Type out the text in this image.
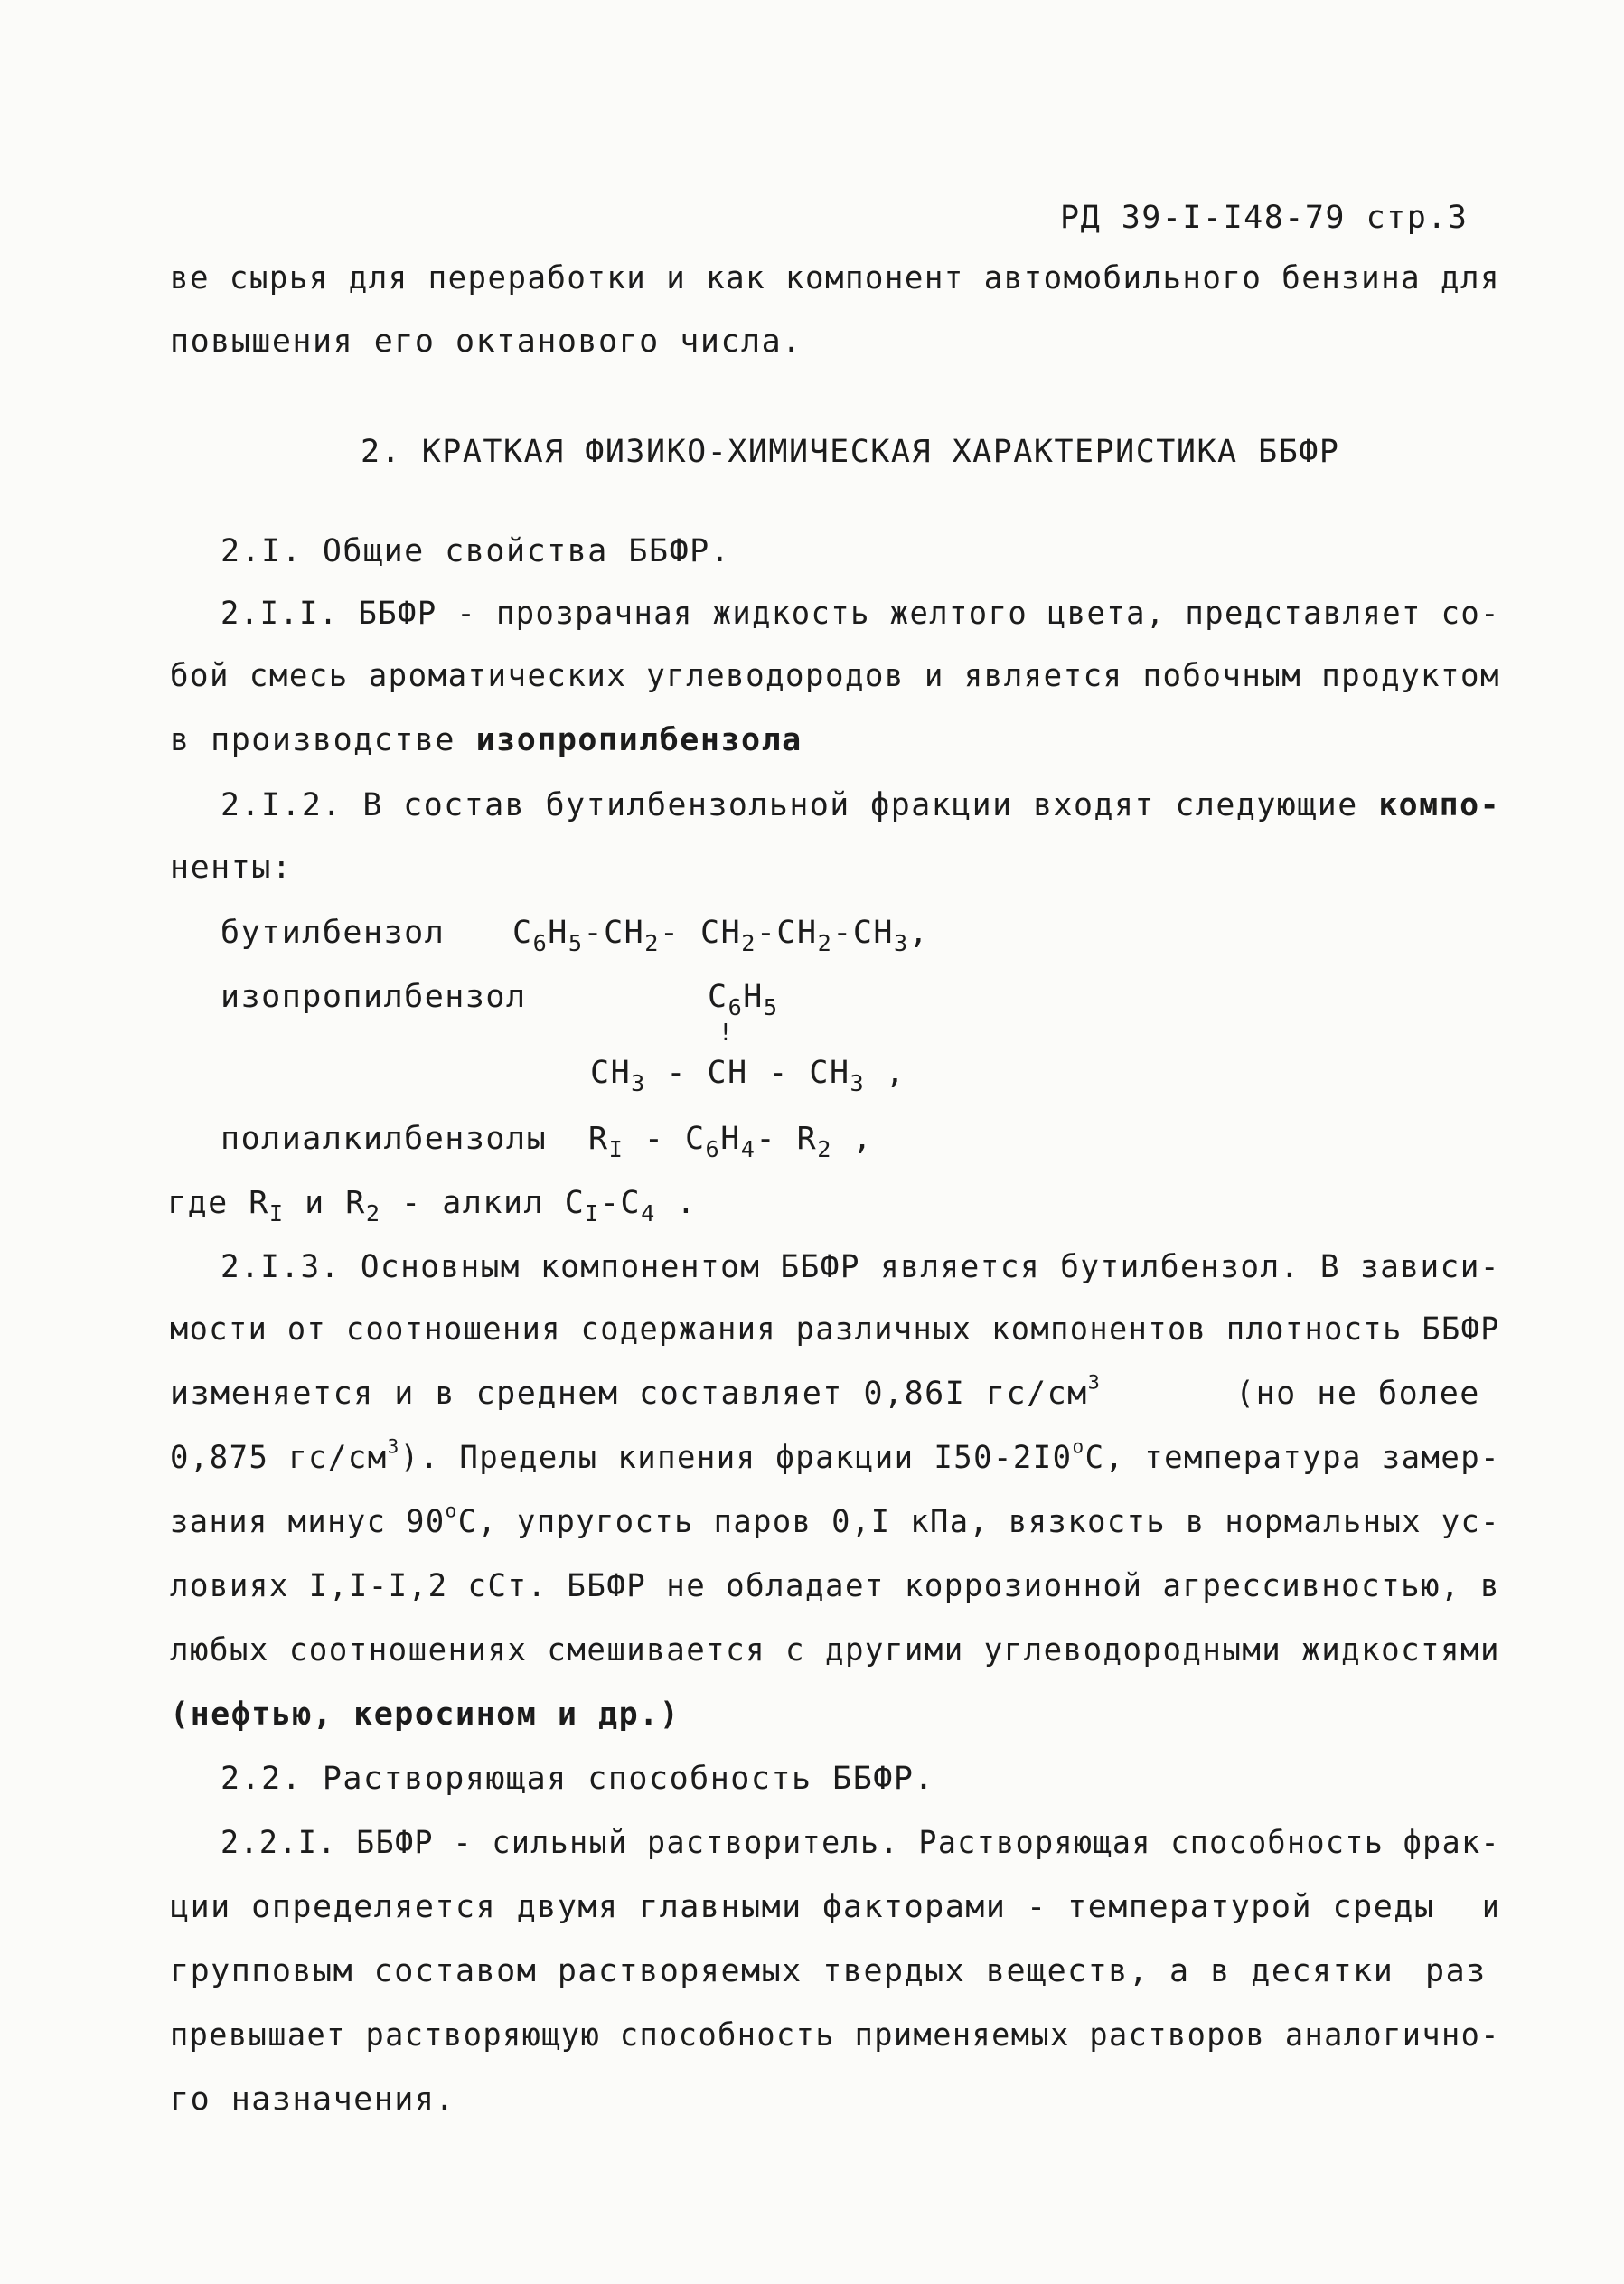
РД 39-I-I48-79 стр.3
ве сырья для переработки и как компонент автомобильного бензина для
повышения его октанового числа.
2. КРАТКАЯ ФИЗИКО-ХИМИЧЕСКАЯ ХАРАКТЕРИСТИКА ББФР
2.I. Общие свойства ББФР.
2.I.I. ББФР - прозрачная жидкость желтого цвета, представляет со-
бой смесь ароматических углеводородов и является побочным продуктом
в производстве изопропилбензола
2.I.2. В состав бутилбензольной фракции входят следующие компо-
ненты:
бутилбензол $C_6H_5-CH_2-$ $CH_2-CH_2-CH_3$,
изопропилбензол	$C_6H_5$
!
$CH_3$ - CH - $CH_3$ ,
полиалкилбензолы $R_I - C_6H_4-$ $R_2$ ,
где $R_I$ и $R_2$ - алкил $C_I-C_4$ .
2.I.3. Основным компонентом ББФР является бутилбензол. В зависи-
мости от соотношения содержания различных компонентов плотность ББФР
изменяется и в среднем составляет 0,86I $гс/см^3$	(но не более
0,875 $гс/см^3$). Пределы кипения фракции I50-2I0$^o$С, температура замер-
зания минус 90$^o$С, упругость паров 0,I кПа, вязкость в нормальных ус-
ловиях I,I-I,2 сСт. ББФР не обладает коррозионной агрессивностью, в
любых соотношениях смешивается с другими углеводородными жидкостями
(нефтью, керосином и др.)
2.2. Растворяющая способность ББФР.
2.2.I. ББФР - сильный растворитель. Растворяющая способность фрак-
ции определяется двумя главными факторами - температурой среды и
групповым составом растворяемых твердых веществ, а в десятки раз
превышает растворяющую способность применяемых растворов аналогично-
го назначения.
